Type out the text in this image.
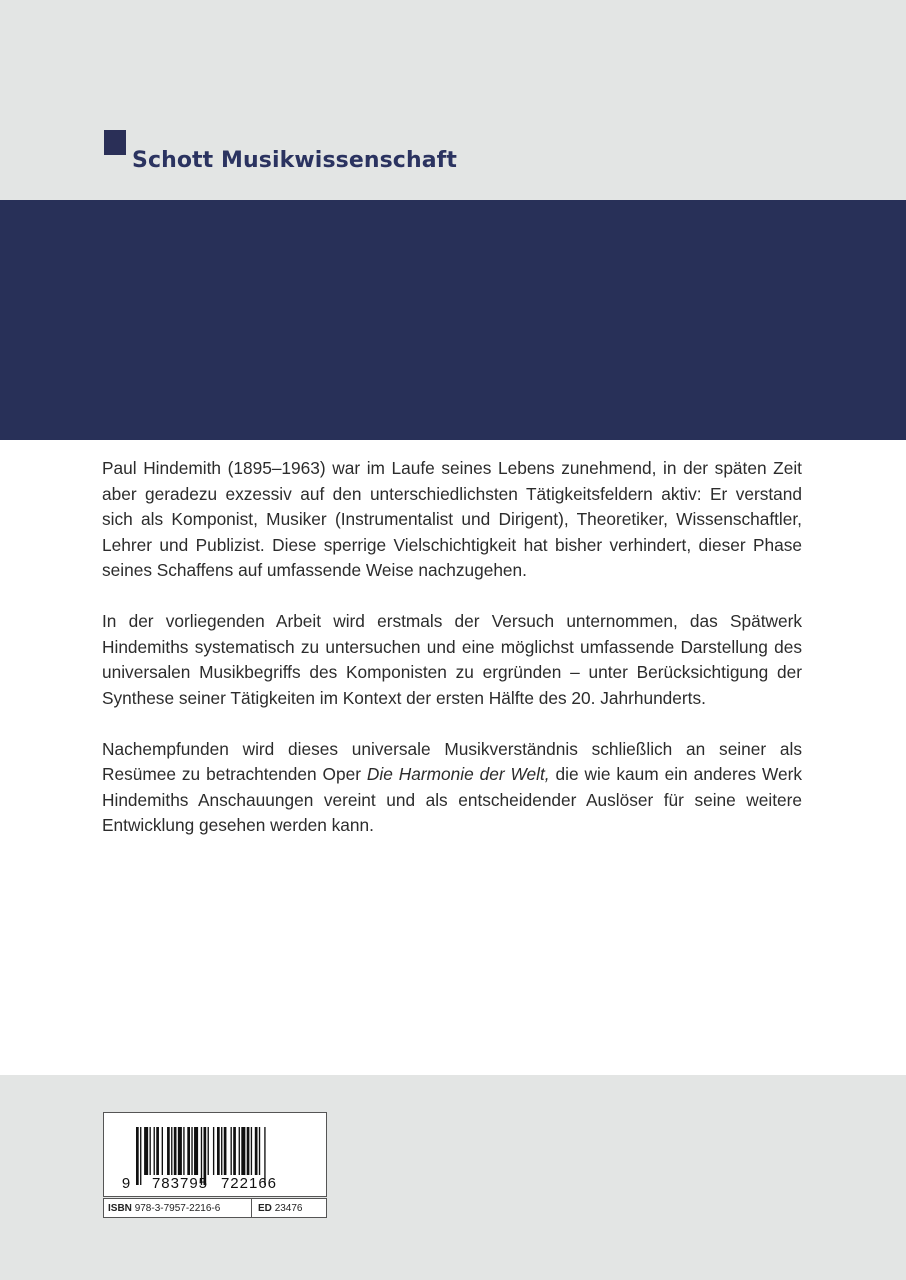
Schott Musikwissenschaft

Paul Hindemith (1895–1963) war im Laufe seines Lebens zunehmend, in der späten Zeit aber geradezu exzessiv auf den unterschiedlichsten Tätigkeitsfeldern aktiv: Er verstand sich als Komponist, Musiker (Instrumentalist und Dirigent), Theoretiker, Wissenschaftler, Lehrer und Publizist. Diese sperrige Vielschichtigkeit hat bisher verhindert, dieser Phase seines Schaffens auf umfassende Weise nachzugehen.

In der vorliegenden Arbeit wird erstmals der Versuch unternommen, das Spätwerk Hindemiths systematisch zu untersuchen und eine möglichst umfassende Darstellung des universalen Musikbegriffs des Komponisten zu ergründen – unter Berücksichtigung der Synthese seiner Tätigkeiten im Kontext der ersten Hälfte des 20. Jahrhunderts.

Nachempfunden wird dieses universale Musikverständnis schließlich an seiner als Resümee zu betrachtenden Oper Die Harmonie der Welt, die wie kaum ein anderes Werk Hindemiths Anschauungen vereint und als entscheidender Auslöser für seine weitere Entwicklung gesehen werden kann.

9 783795 722166
ISBN 978-3-7957-2216-6	ED 23476
